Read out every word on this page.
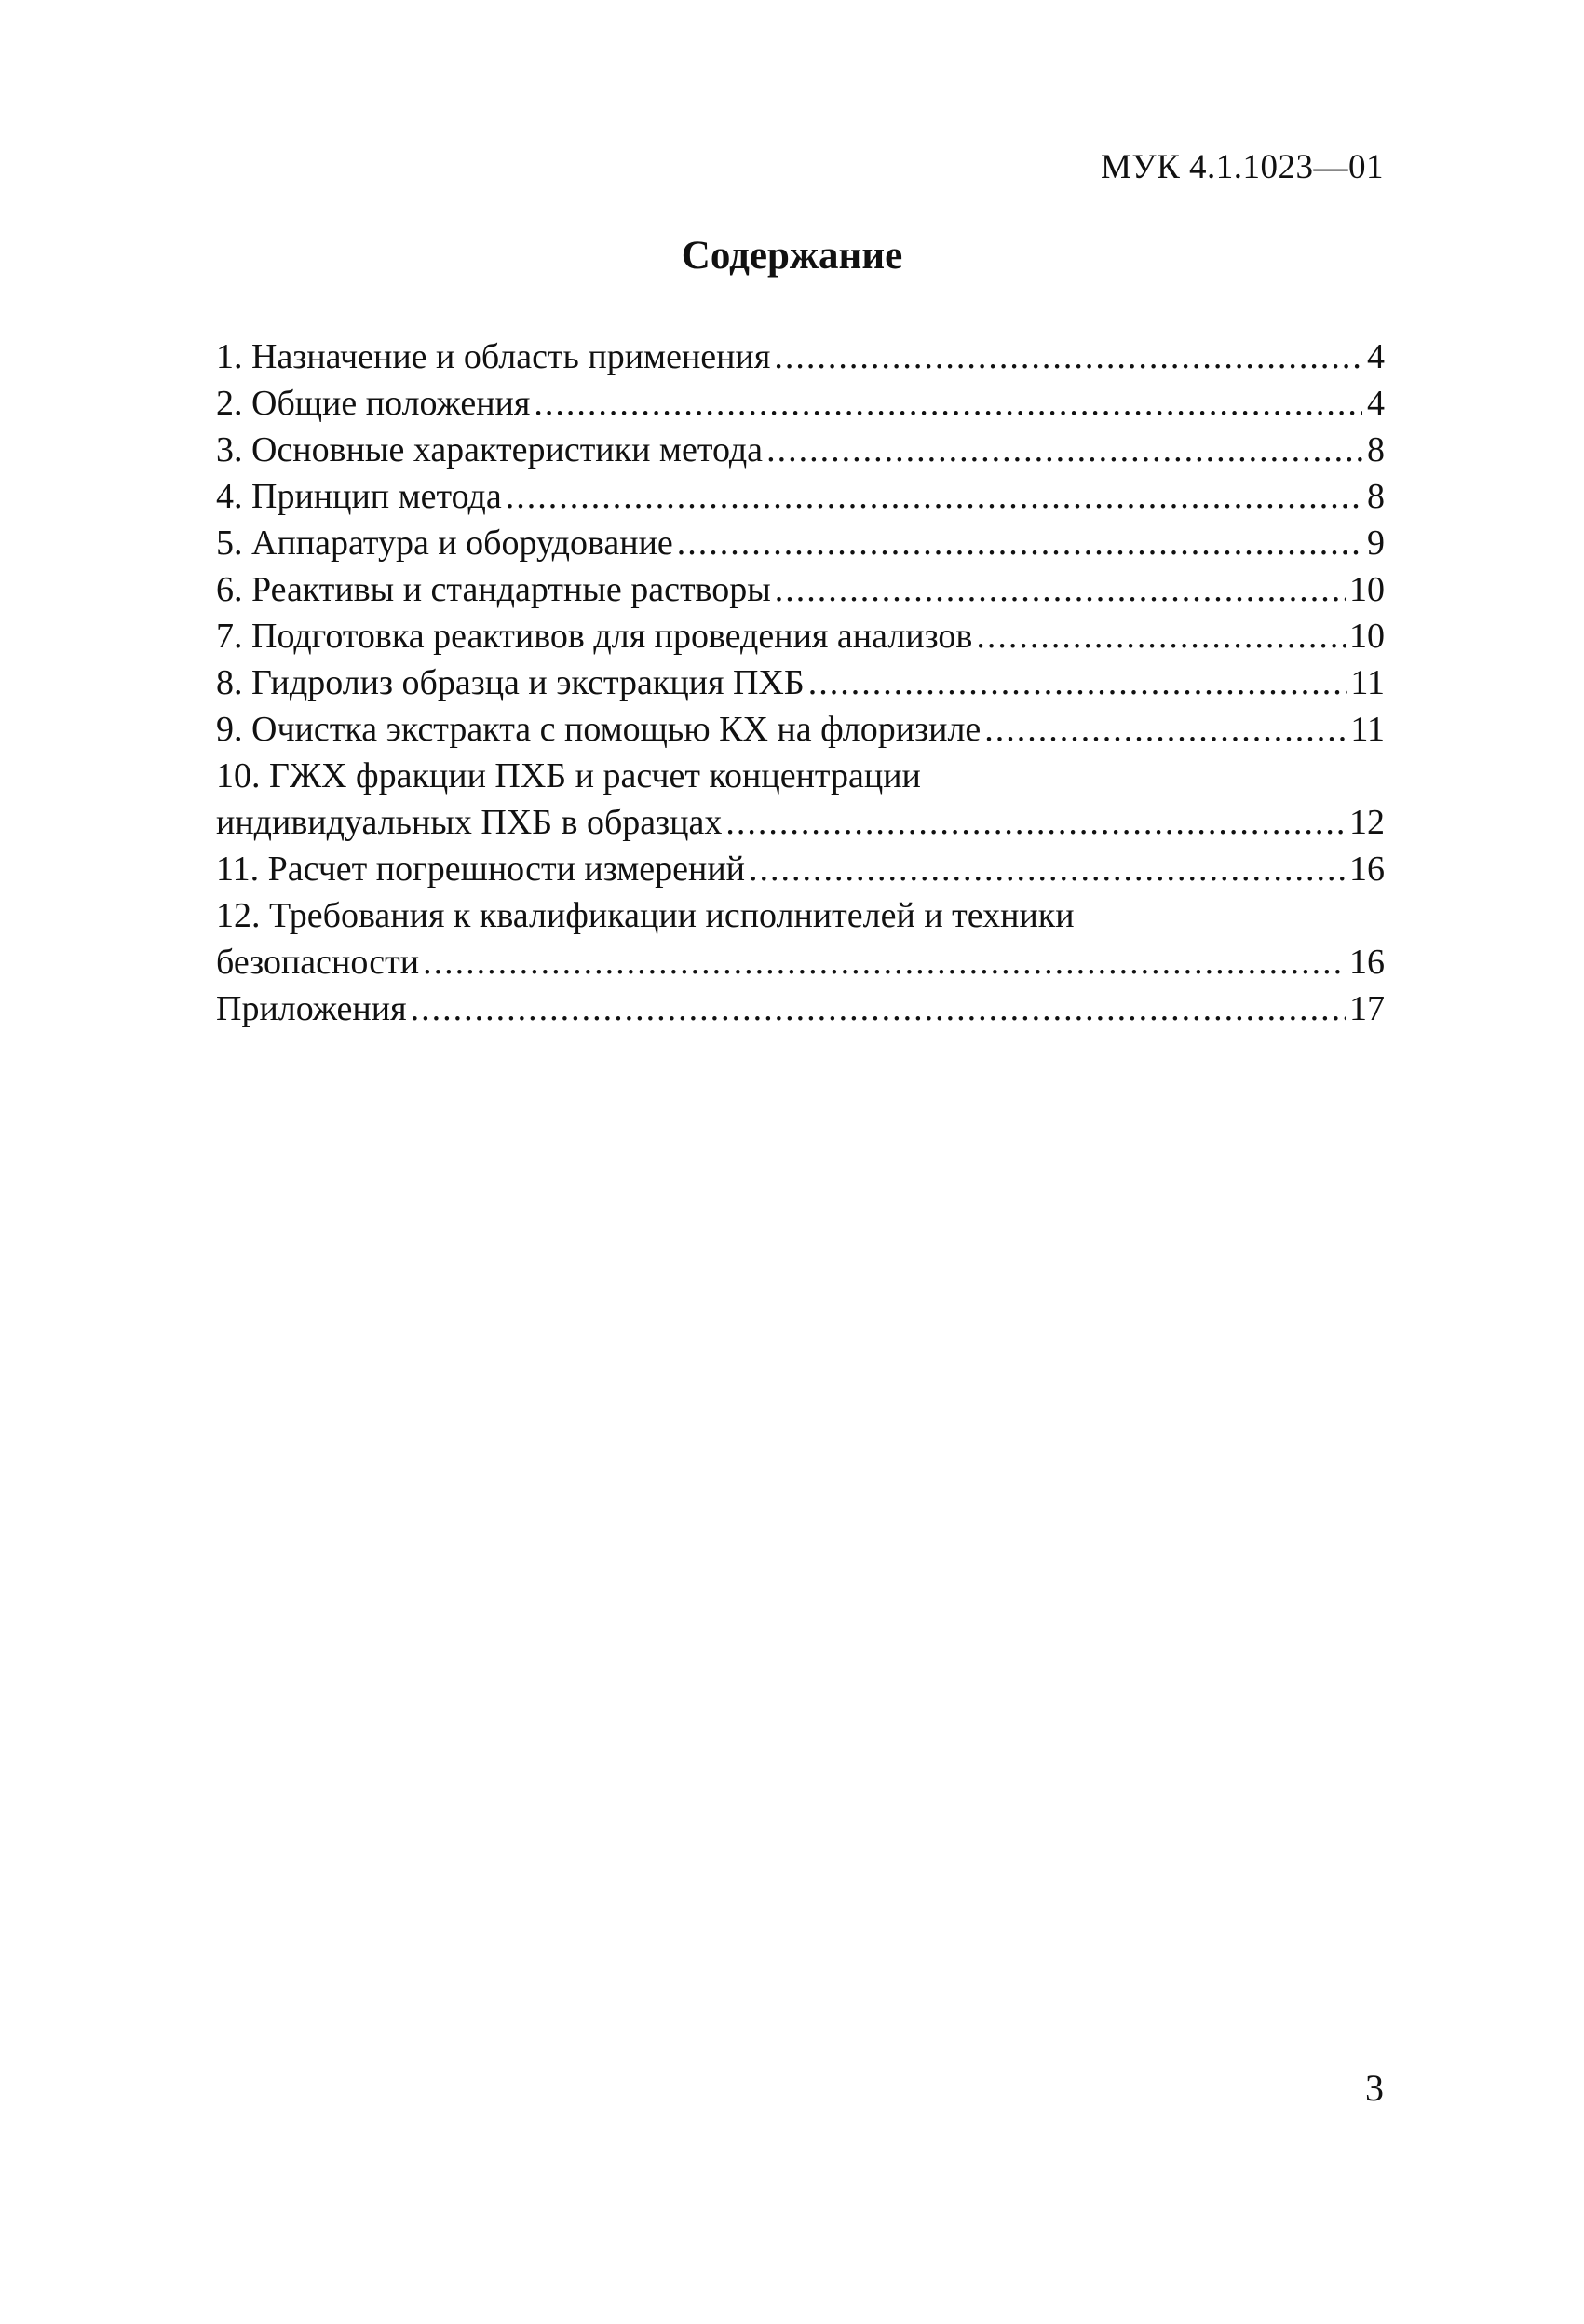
МУК 4.1.1023—01
Содержание
1. Назначение и область применения .....	4
2. Общие положения .....	4
3. Основные характеристики метода .....	8
4. Принцип метода .....	8
5. Аппаратура и оборудование .....	9
6. Реактивы и стандартные растворы .....	10
7. Подготовка реактивов для проведения анализов .....	10
8. Гидролиз образца и экстракция ПХБ .....	11
9. Очистка экстракта с помощью КХ на флоризиле .....	11
10. ГЖХ фракции ПХБ и расчет концентрации
индивидуальных ПХБ в образцах .....	12
11. Расчет погрешности измерений .....	16
12. Требования к квалификации исполнителей и техники
безопасности .....	16
Приложения .....	17
3
